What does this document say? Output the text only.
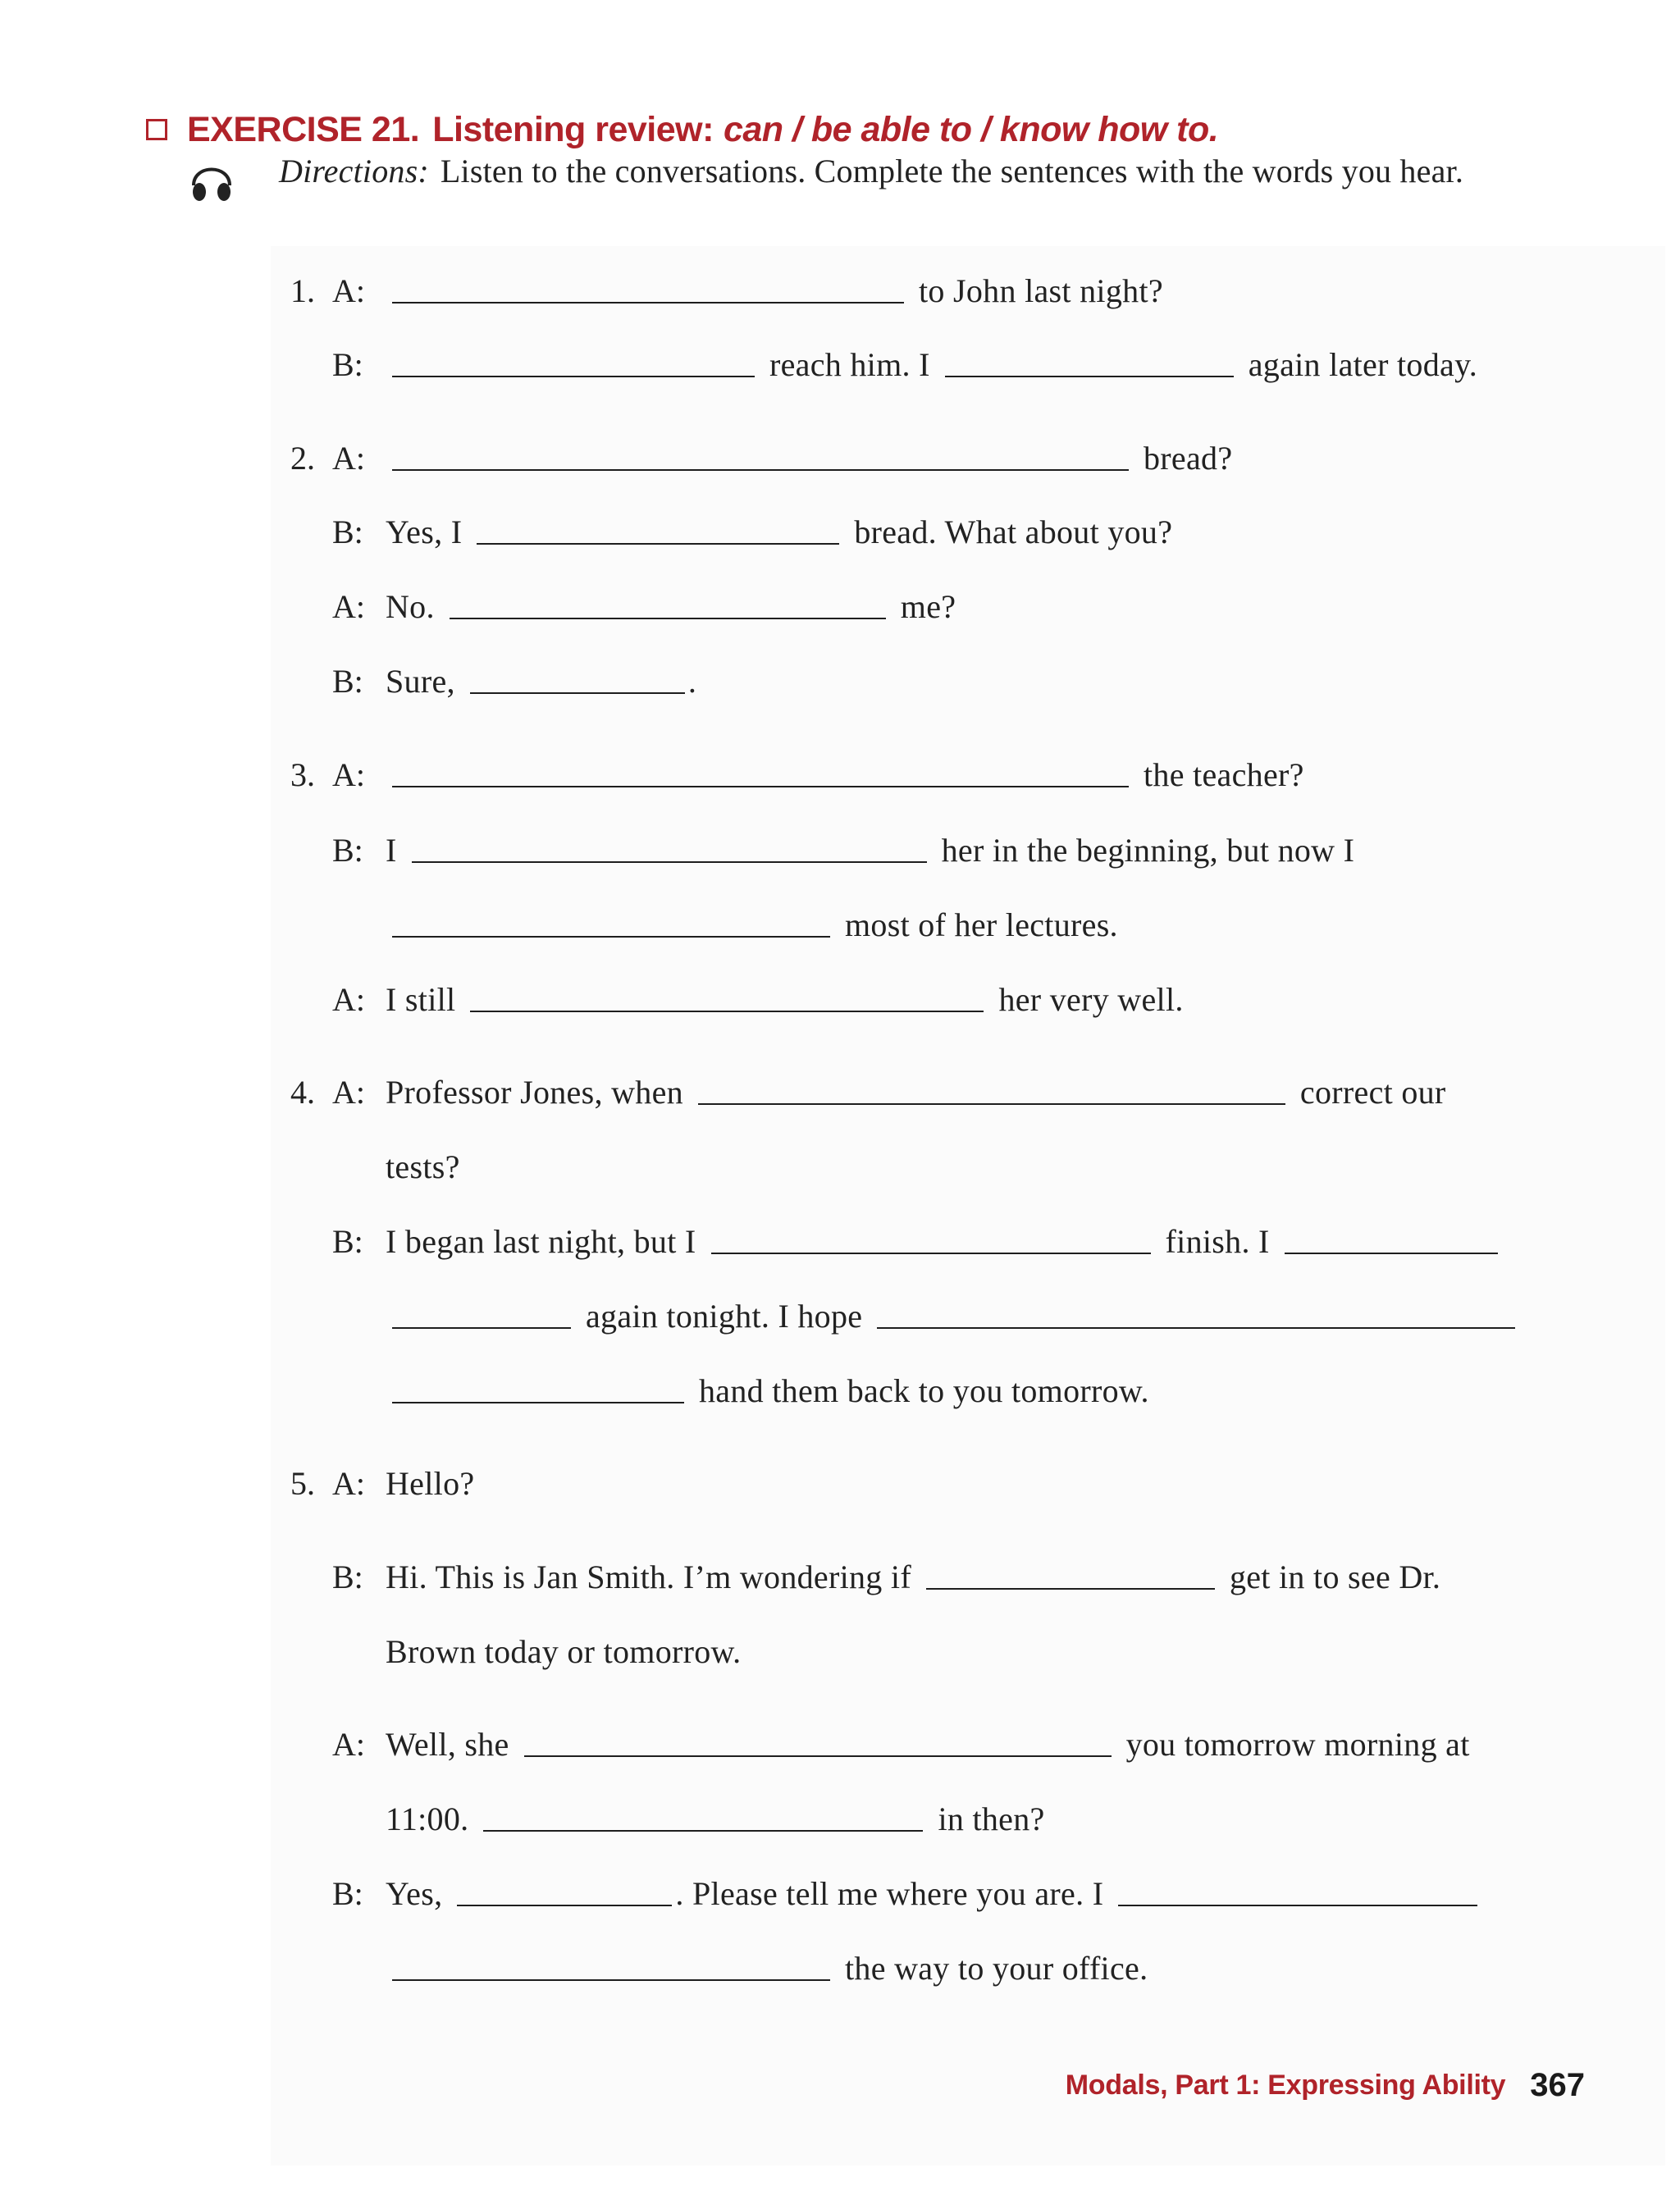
EXERCISE 21. Listening review: can / be able to / know how to.
Directions: Listen to the conversations. Complete the sentences with the words you hear.
1. A:	to John last night?
B:	reach him. I	again later today.
2. A:	bread?
B: Yes, I	bread. What about you?
A: No.	me?
B: Sure,	.
3. A:	the teacher?
B: I	her in the beginning, but now I
most of her lectures.
A: I still	her very well.
4. A: Professor Jones, when	correct our
tests?
B: I began last night, but I	finish. I
again tonight. I hope
hand them back to you tomorrow.
5. A: Hello?
B: Hi. This is Jan Smith. I’m wondering if	get in to see Dr.
Brown today or tomorrow.
A: Well, she	you tomorrow morning at
11:00.	in then?
B: Yes,	. Please tell me where you are. I
the way to your office.
Modals, Part 1: Expressing Ability 367
